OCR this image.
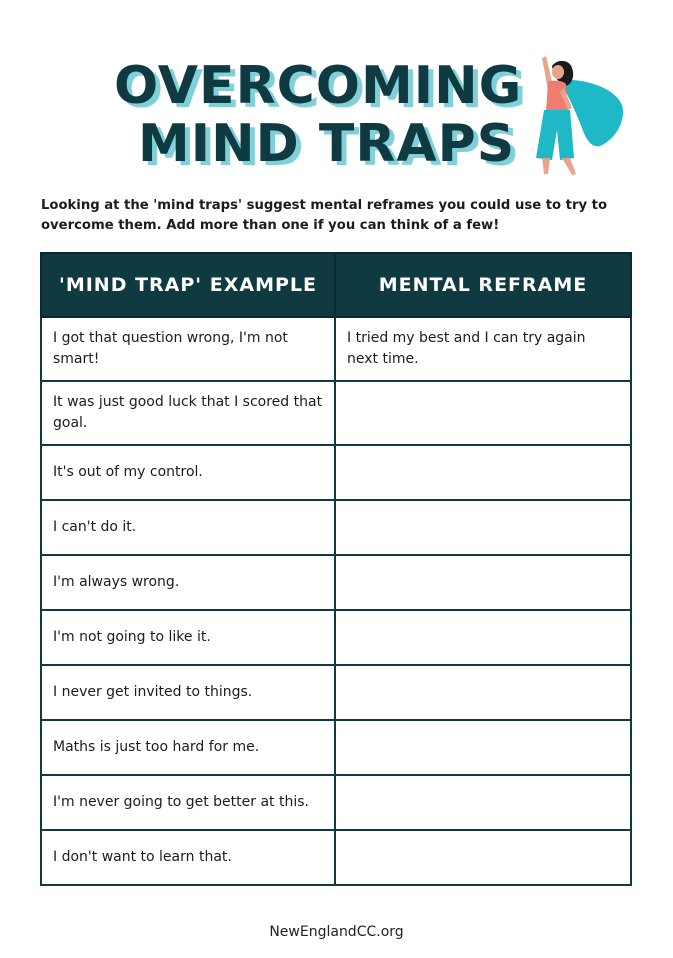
OVERCOMING
MIND TRAPS

Looking at the 'mind traps' suggest mental reframes you could use to try to overcome them. Add more than one if you can think of a few!

'MIND TRAP' EXAMPLE	MENTAL REFRAME
I got that question wrong, I'm not smart!	I tried my best and I can try again next time.
It was just good luck that I scored that goal.	
It's out of my control.	
I can't do it.	
I'm always wrong.	
I'm not going to like it.	
I never get invited to things.	
Maths is just too hard for me.	
I'm never going to get better at this.	
I don't want to learn that.	
NewEnglandCC.org
